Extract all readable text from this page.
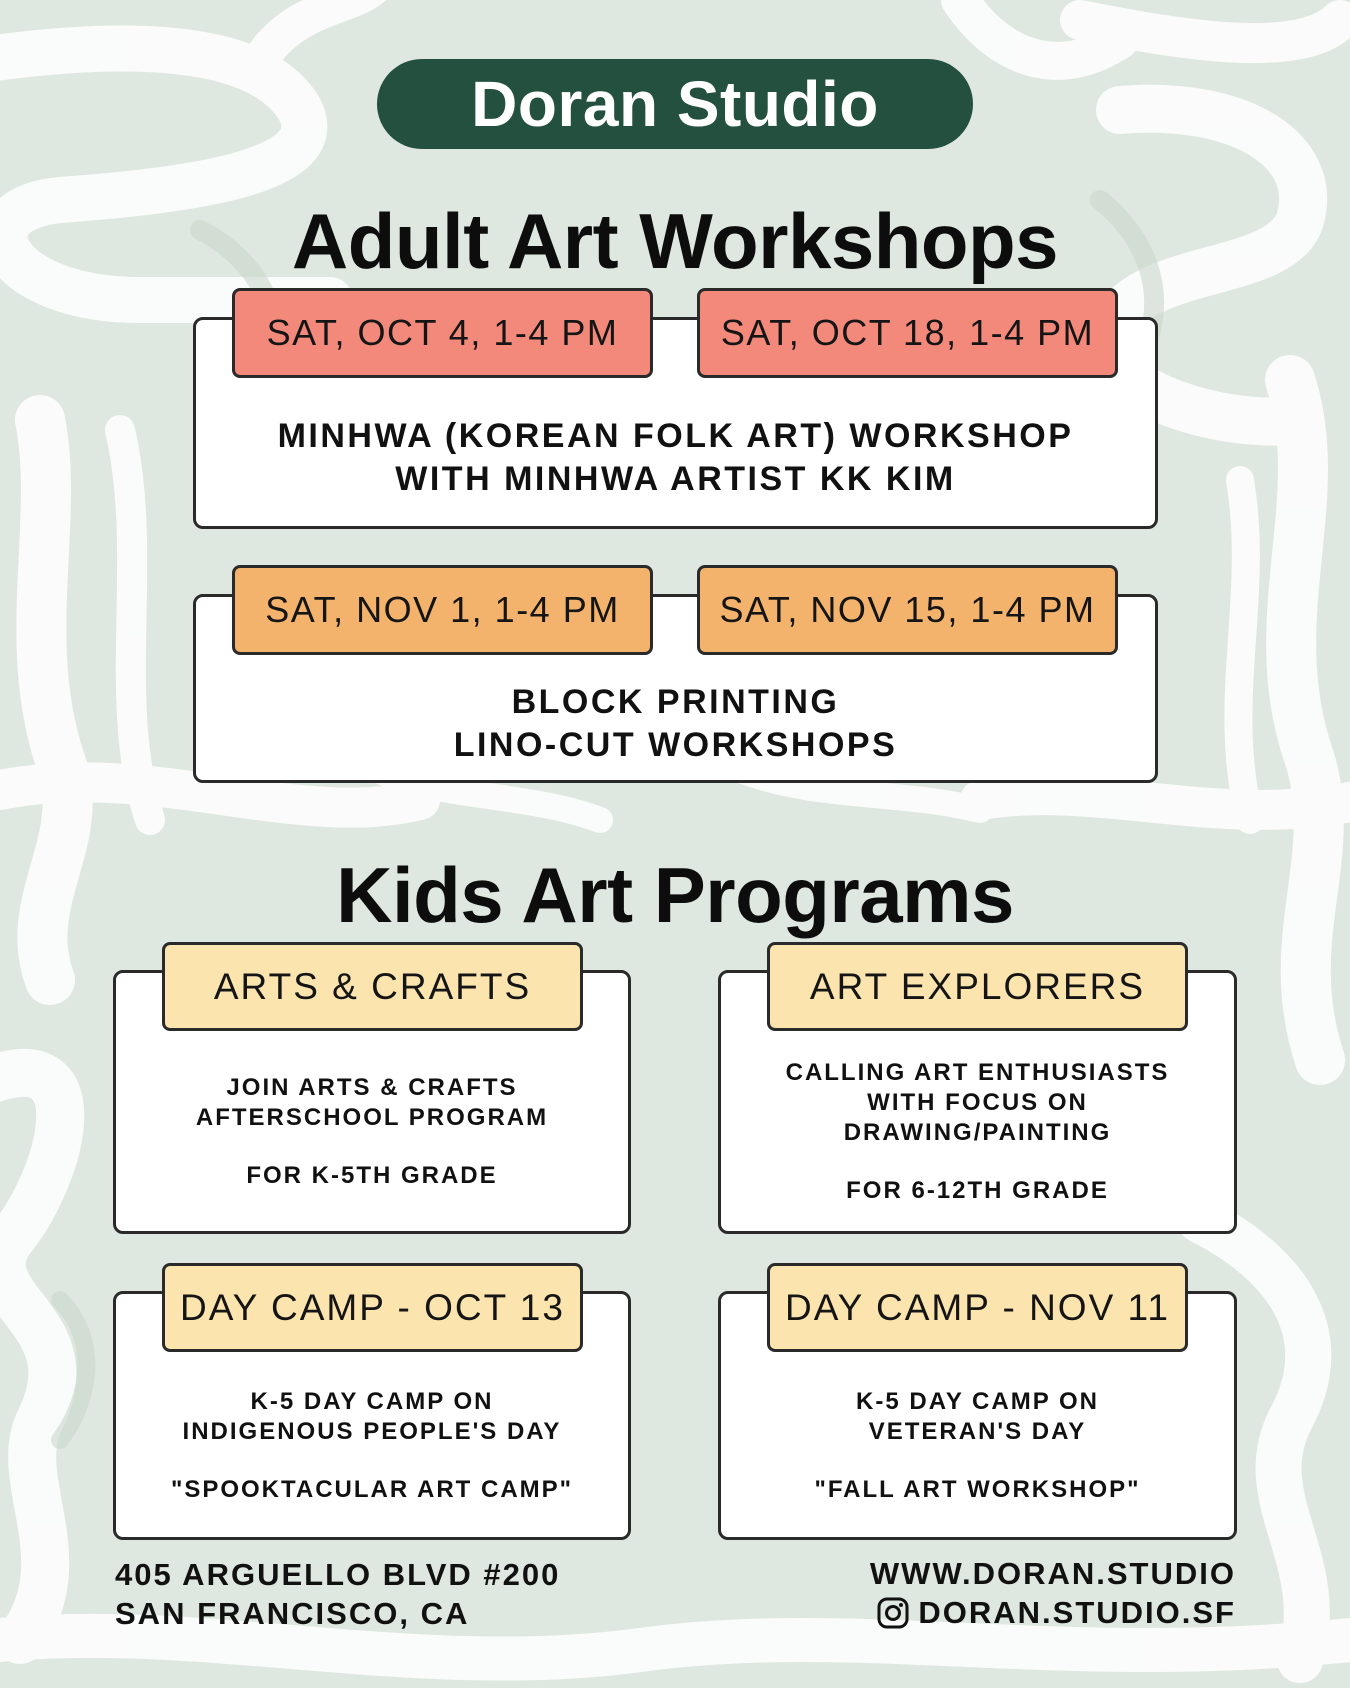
Doran Studio
Adult Art Workshops
MINHWA (KOREAN FOLK ART) WORKSHOP
WITH MINHWA ARTIST KK KIM
SAT, OCT 4, 1-4 PM	SAT, OCT 18, 1-4 PM
BLOCK PRINTING
LINO-CUT WORKSHOPS
SAT, NOV 1, 1-4 PM	SAT, NOV 15, 1-4 PM
Kids Art Programs
JOIN ARTS & CRAFTS
AFTERSCHOOL PROGRAM
FOR K-5TH GRADE
ARTS & CRAFTS
CALLING ART ENTHUSIASTS
WITH FOCUS ON
DRAWING/PAINTING
FOR 6-12TH GRADE
ART EXPLORERS
K-5 DAY CAMP ON
INDIGENOUS PEOPLE'S DAY
"SPOOKTACULAR ART CAMP"
DAY CAMP - OCT 13
K-5 DAY CAMP ON
VETERAN'S DAY
"FALL ART WORKSHOP"
DAY CAMP - NOV 11
405 ARGUELLO BLVD #200
SAN FRANCISCO, CA
WWW.DORAN.STUDIO
DORAN.STUDIO.SF
